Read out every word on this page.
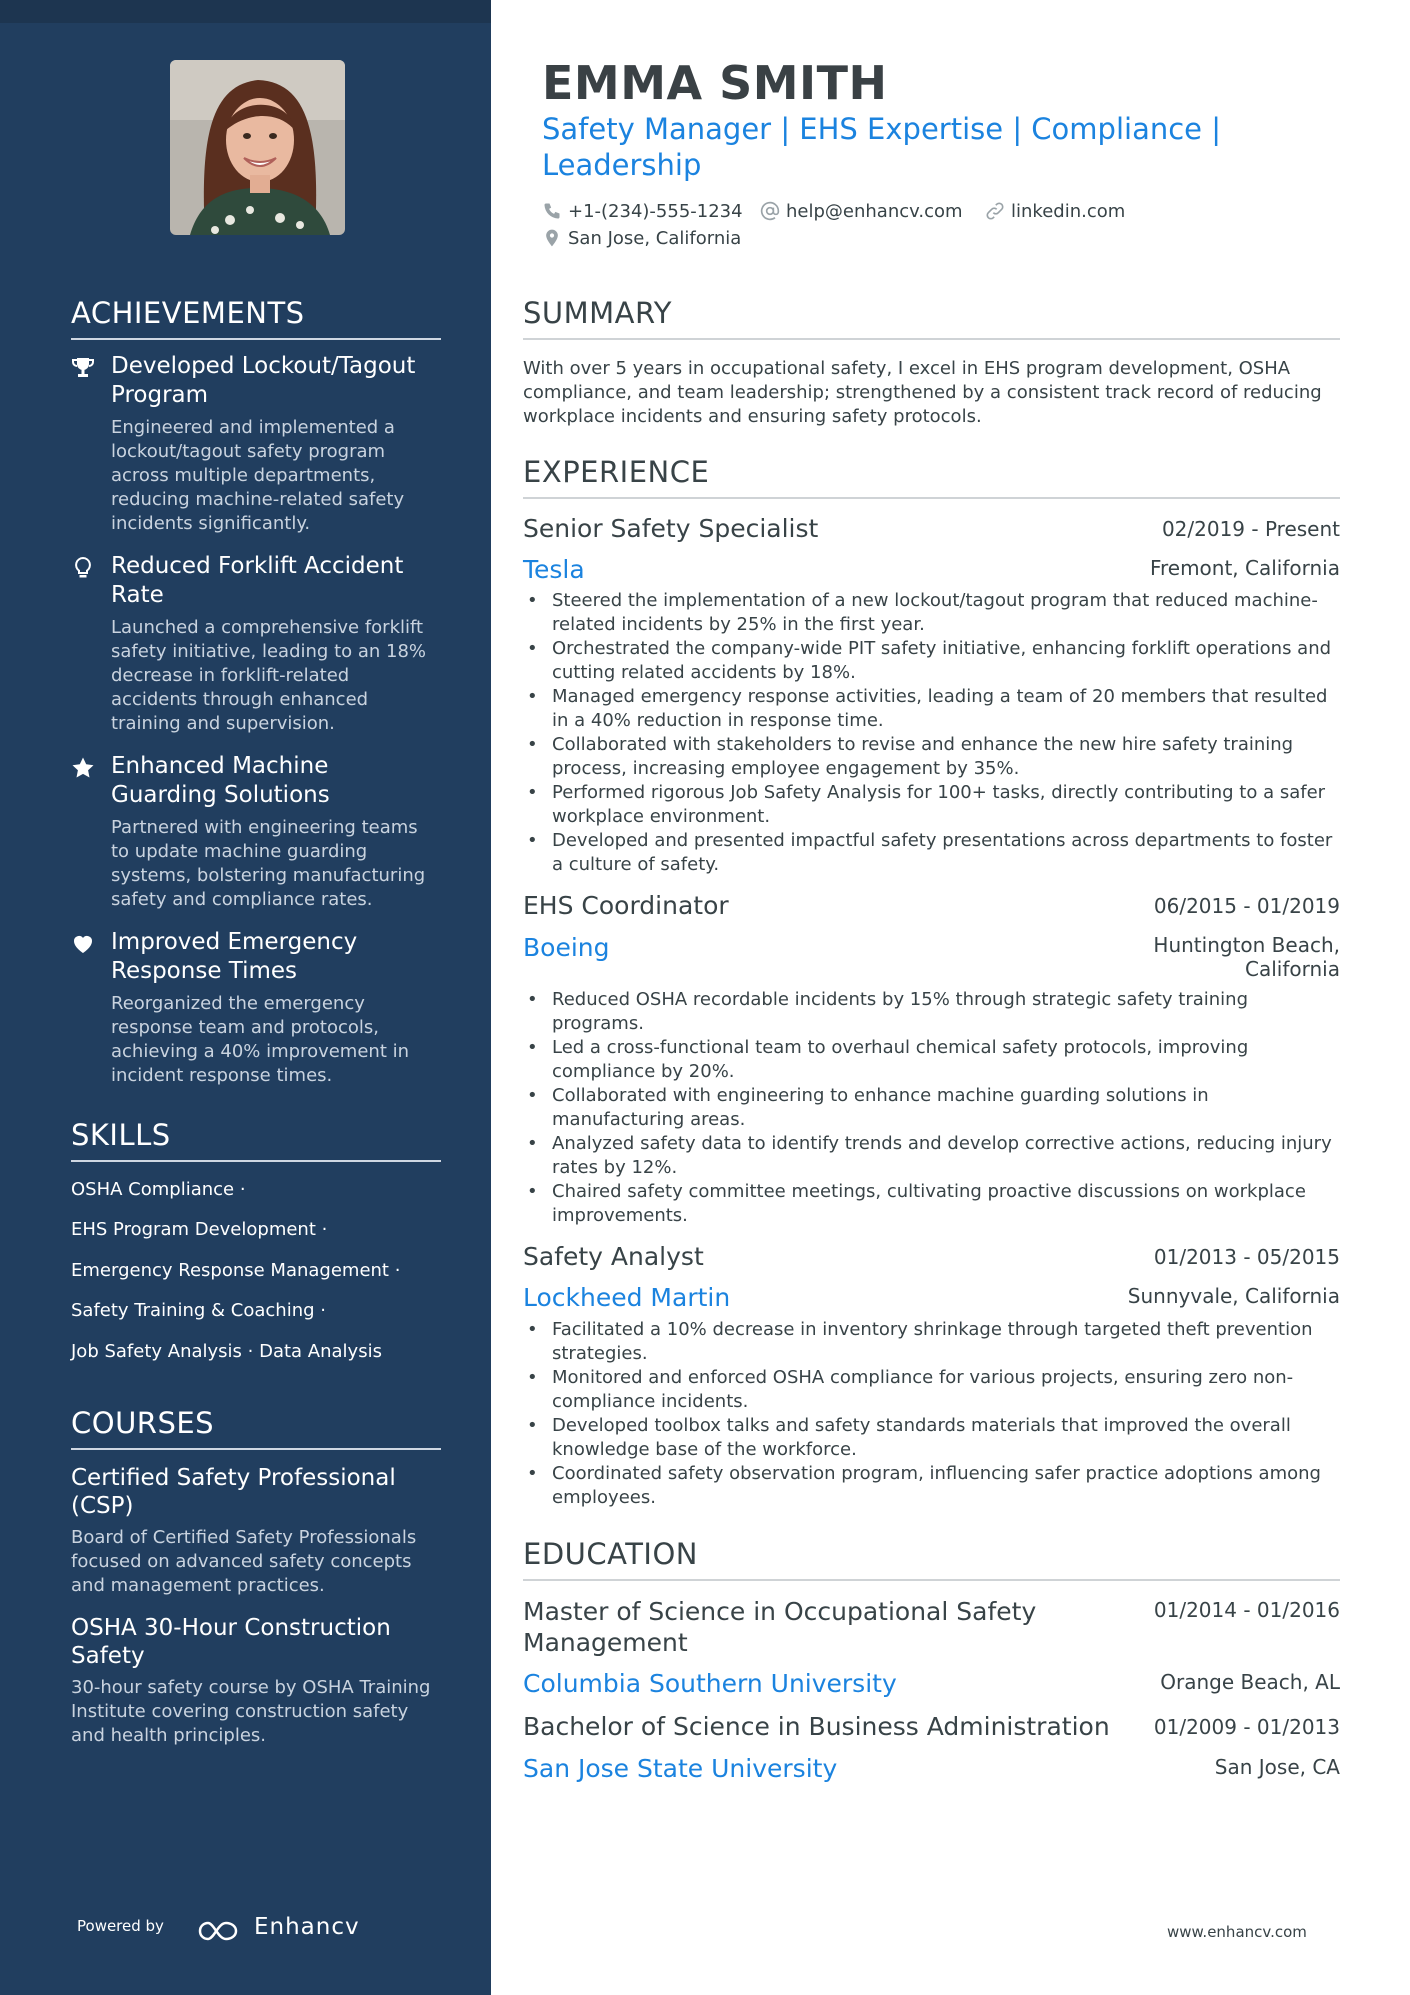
ACHIEVEMENTS
Developed Lockout/Tagout Program
Engineered and implemented a lockout/tagout safety program across multiple departments, reducing machine-related safety incidents significantly.
Reduced Forklift Accident Rate
Launched a comprehensive forklift safety initiative, leading to an 18% decrease in forklift-related accidents through enhanced training and supervision.
Enhanced Machine Guarding Solutions
Partnered with engineering teams to update machine guarding systems, bolstering manufacturing safety and compliance rates.
Improved Emergency Response Times
Reorganized the emergency response team and protocols, achieving a 40% improvement in incident response times.
SKILLS
OSHA Compliance ·
EHS Program Development ·
Emergency Response Management ·
Safety Training & Coaching ·
Job Safety Analysis · Data Analysis
COURSES
Certified Safety Professional (CSP)
Board of Certified Safety Professionals focused on advanced safety concepts and management practices.
OSHA 30-Hour Construction Safety
30-hour safety course by OSHA Training Institute covering construction safety and health principles.
Powered by	Enhancv
EMMA SMITH
Safety Manager | EHS Expertise | Compliance | Leadership
+1-(234)-555-1234	help@enhancv.com	linkedin.com
San Jose, California
SUMMARY
With over 5 years in occupational safety, I excel in EHS program development, OSHA compliance, and team leadership; strengthened by a consistent track record of reducing workplace incidents and ensuring safety protocols.
EXPERIENCE
Senior Safety Specialist	02/2019 - Present
Tesla	Fremont, California
• Steered the implementation of a new lockout/tagout program that reduced machine-related incidents by 25% in the first year.
• Orchestrated the company-wide PIT safety initiative, enhancing forklift operations and cutting related accidents by 18%.
• Managed emergency response activities, leading a team of 20 members that resulted in a 40% reduction in response time.
• Collaborated with stakeholders to revise and enhance the new hire safety training process, increasing employee engagement by 35%.
• Performed rigorous Job Safety Analysis for 100+ tasks, directly contributing to a safer workplace environment.
• Developed and presented impactful safety presentations across departments to foster a culture of safety.
EHS Coordinator	06/2015 - 01/2019
Boeing	Huntington Beach, California
• Reduced OSHA recordable incidents by 15% through strategic safety training programs.
• Led a cross-functional team to overhaul chemical safety protocols, improving compliance by 20%.
• Collaborated with engineering to enhance machine guarding solutions in manufacturing areas.
• Analyzed safety data to identify trends and develop corrective actions, reducing injury rates by 12%.
• Chaired safety committee meetings, cultivating proactive discussions on workplace improvements.
Safety Analyst	01/2013 - 05/2015
Lockheed Martin	Sunnyvale, California
• Facilitated a 10% decrease in inventory shrinkage through targeted theft prevention strategies.
• Monitored and enforced OSHA compliance for various projects, ensuring zero non-compliance incidents.
• Developed toolbox talks and safety standards materials that improved the overall knowledge base of the workforce.
• Coordinated safety observation program, influencing safer practice adoptions among employees.
EDUCATION
Master of Science in Occupational Safety Management
01/2014 - 01/2016
Columbia Southern University	Orange Beach, AL
Bachelor of Science in Business Administration 01/2009 - 01/2013
San Jose State University	San Jose, CA
www.enhancv.com
